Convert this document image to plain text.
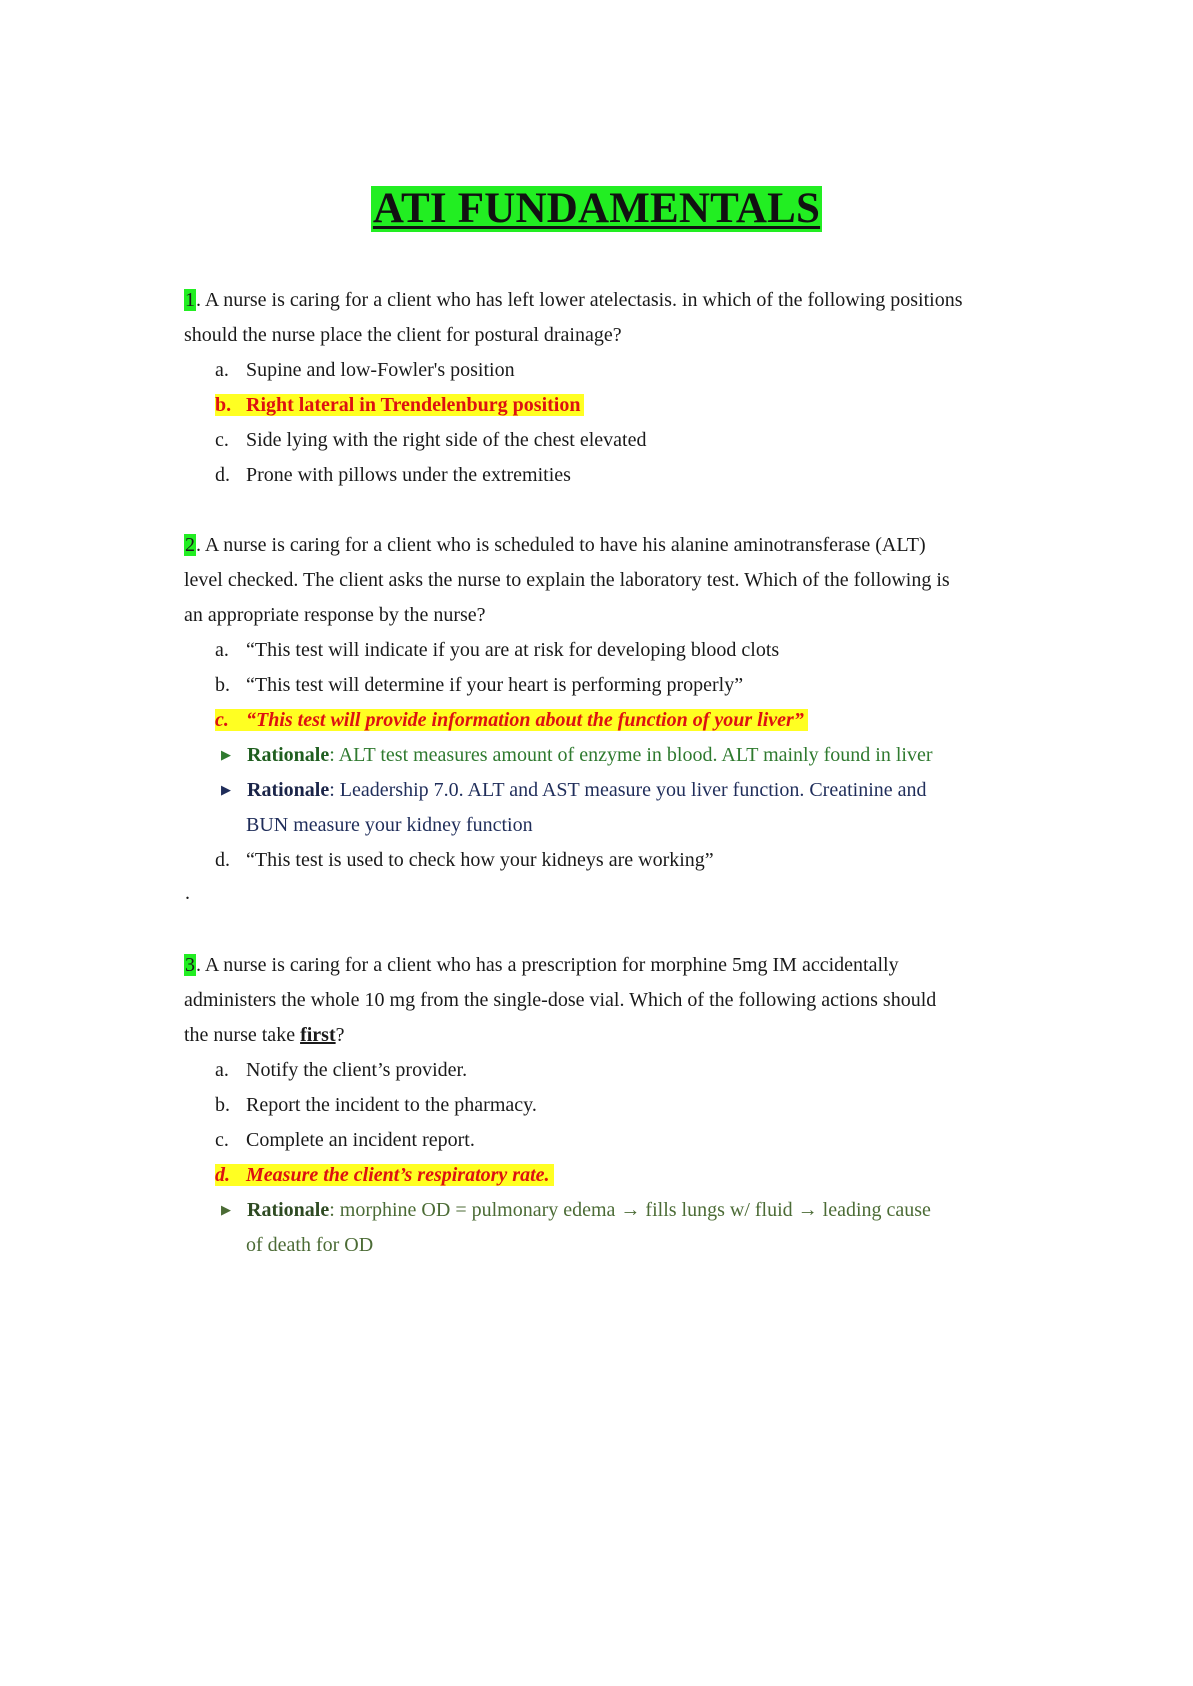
ATI FUNDAMENTALS
1. A nurse is caring for a client who has left lower atelectasis. in which of the following positions
should the nurse place the client for postural drainage?
a. Supine and low-Fowler's position
b. Right lateral in Trendelenburg position
c. Side lying with the right side of the chest elevated
d. Prone with pillows under the extremities
2. A nurse is caring for a client who is scheduled to have his alanine aminotransferase (ALT)
level checked. The client asks the nurse to explain the laboratory test. Which of the following is
an appropriate response by the nurse?
a. “This test will indicate if you are at risk for developing blood clots
b. “This test will determine if your heart is performing properly”
c. “This test will provide information about the function of your liver”
▶ Rationale: ALT test measures amount of enzyme in blood. ALT mainly found in liver
▶ Rationale: Leadership 7.0. ALT and AST measure you liver function. Creatinine and
BUN measure your kidney function
d. “This test is used to check how your kidneys are working”
.
3. A nurse is caring for a client who has a prescription for morphine 5mg IM accidentally
administers the whole 10 mg from the single-dose vial. Which of the following actions should
the nurse take first?
a. Notify the client’s provider.
b. Report the incident to the pharmacy.
c. Complete an incident report.
d. Measure the client’s respiratory rate.
▶ Rationale: morphine OD = pulmonary edema → fills lungs w/ fluid → leading cause
of death for OD
